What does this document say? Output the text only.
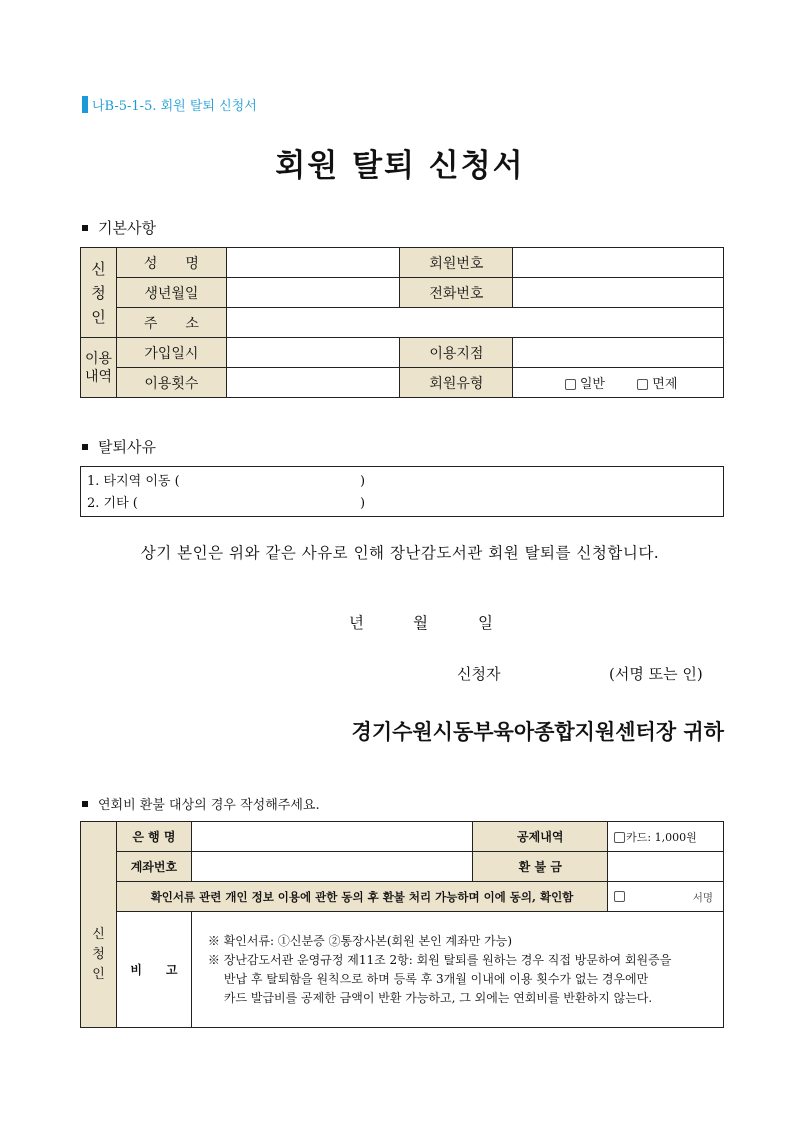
나B-5-1-5. 회원 탈퇴 신청서
회원 탈퇴 신청서
기본사항
신
청
인	성　　명		회원번호	
	생년월일		전화번호	
	주　　소			
이용
내역	가입일시		이용지점	
	이용횟수		회원유형	일반 면제
탈퇴사유
1. 타지역 이동 (	)
2. 기타 (	)
상기 본인은 위와 같은 사유로 인해 장난감도서관 회원 탈퇴를 신청합니다.
년	월	일
신청자	(서명 또는 인)
경기수원시동부육아종합지원센터장 귀하
연회비 환불 대상의 경우 작성해주세요.
신
청
인	은 행 명		공제내역	카드: 1,000원
	계좌번호		환 불 금	
	확인서류 관련 개인 정보 이용에 관한 동의 후 환불 처리 가능하며 이에 동의, 확인함			서명

	비　　고	※ 확인서류: ①신분증 ②통장사본(회원 본인 계좌만 가능)
※ 장난감도서관 운영규정 제11조 2항: 회원 탈퇴를 원하는 경우 직접 방문하여 회원증을
반납 후 탈퇴함을 원칙으로 하며 등록 후 3개월 이내에 이용 횟수가 없는 경우에만
카드 발급비를 공제한 금액이 반환 가능하고, 그 외에는 연회비를 반환하지 않는다.		
